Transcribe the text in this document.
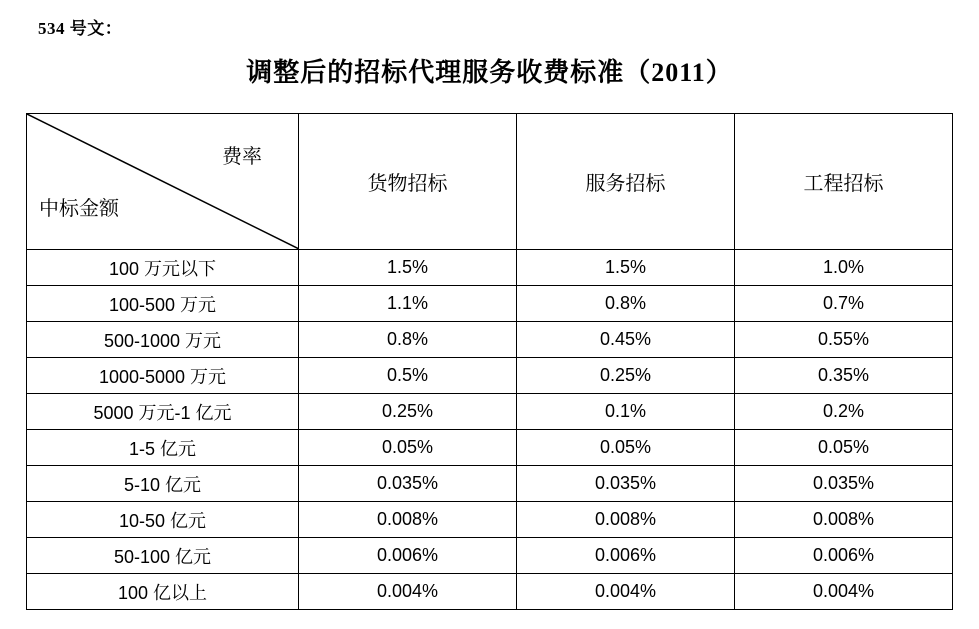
534 号文：
调整后的招标代理服务收费标准（2011）
费率
中标金额	货物招标	服务招标	工程招标
100 万元以下	1.5%	1.5%	1.0%
100-500 万元	1.1%	0.8%	0.7%
500-1000 万元	0.8%	0.45%	0.55%
1000-5000 万元	0.5%	0.25%	0.35%
5000 万元-1 亿元	0.25%	0.1%	0.2%
1-5 亿元	0.05%	0.05%	0.05%
5-10 亿元	0.035%	0.035%	0.035%
10-50 亿元	0.008%	0.008%	0.008%
50-100 亿元	0.006%	0.006%	0.006%
100 亿以上	0.004%	0.004%	0.004%
